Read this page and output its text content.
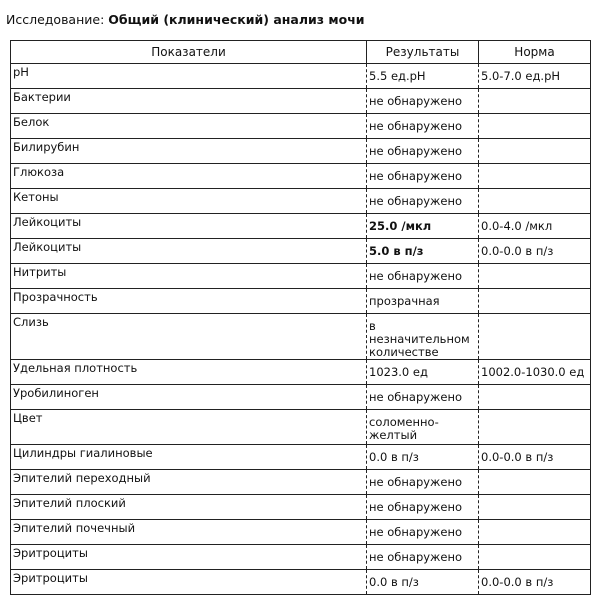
Исследование: Общий (клинический) анализ мочи
Показатели	Результаты	Норма
pH	5.5 ед.pH	5.0-7.0 ед.pH
Бактерии	не обнаружено	
Белок	не обнаружено	
Билирубин	не обнаружено	
Глюкоза	не обнаружено	
Кетоны	не обнаружено	
Лейкоциты	25.0 /мкл	0.0-4.0 /мкл
Лейкоциты	5.0 в п/з	0.0-0.0 в п/з
Нитриты	не обнаружено	
Прозрачность	прозрачная	
Слизь	в незначительном количестве	
Удельная плотность	1023.0 ед	1002.0-1030.0 ед
Уробилиноген	не обнаружено	
Цвет	соломенно-желтый	
Цилиндры гиалиновые	0.0 в п/з	0.0-0.0 в п/з
Эпителий переходный	не обнаружено	
Эпителий плоский	не обнаружено	
Эпителий почечный	не обнаружено	
Эритроциты	не обнаружено	
Эритроциты	0.0 в п/з	0.0-0.0 в п/з
